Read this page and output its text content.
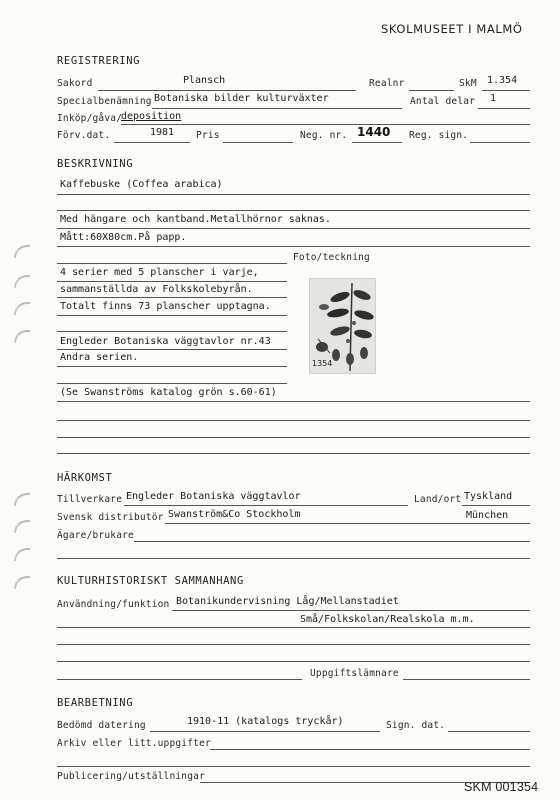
SKOLMUSEET I MALMÖ
REGISTRERING
Sakord	Plansch	Realnr	SkM 1.354
Specialbenämning Botaniska bilder kulturväxter	Antal delar 1
Inköp/gåva/
deposition
Förv.dat.	1981 Pris	Neg. nr. 1440 Reg. sign.
BESKRIVNING
Kaffebuske (Coffea arabica)
Med hängare och kantband.Metallhörnor saknas.
Mått:60X80cm.På papp.
Foto/teckning
4 serier med 5 planscher i varje,
sammanställda av Folkskolebyrån.
Totalt finns 73 planscher upptagna.
Engleder Botaniska väggtavlor nr.43
Andra serien.
(Se Swanströms katalog grön s.60-61)
1354
HÄRKOMST
Tillverkare Engleder Botaniska väggtavlor	Land/ort Tyskland
Svensk distributör Swanström&Co Stockholm	München
Ägare/brukare
KULTURHISTORISKT SAMMANHANG
Användning/funktion Botanikundervisning Låg/Mellanstadiet
Små/Folkskolan/Realskola m.m.
Uppgiftslämnare
BEARBETNING
Bedömd datering	1910-11 (katalogs tryckår)	Sign. dat.
Arkiv eller litt.uppgifter
Publicering/utställningar
SKM 001354
